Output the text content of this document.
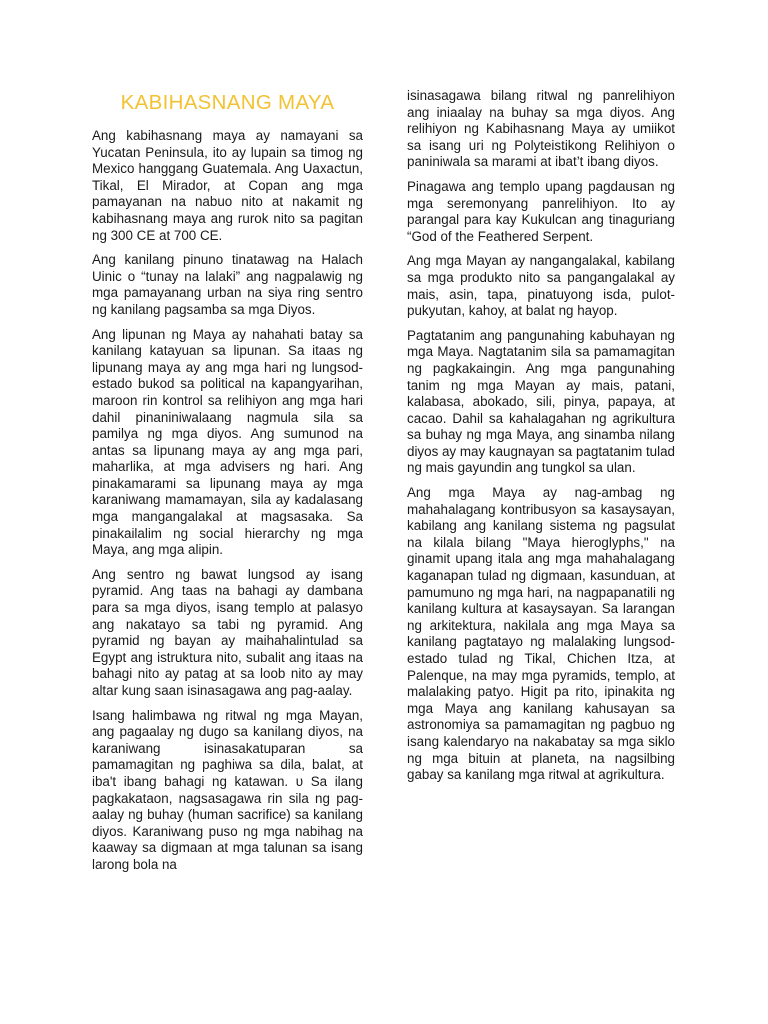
KABIHASNANG MAYA

Ang kabihasnang maya ay namayani sa Yucatan Peninsula, ito ay lupain sa timog ng Mexico hanggang Guatemala. Ang Uaxactun, Tikal, El Mirador, at Copan ang mga pamayanan na nabuo nito at nakamit ng kabihasnang maya ang rurok nito sa pagitan ng 300 CE at 700 CE.

Ang kanilang pinuno tinatawag na Halach Uinic o “tunay na lalaki” ang nagpalawig ng mga pamayanang urban na siya ring sentro ng kanilang pagsamba sa mga Diyos.

Ang lipunan ng Maya ay nahahati batay sa kanilang katayuan sa lipunan. Sa itaas ng lipunang maya ay ang mga hari ng lungsod-estado bukod sa political na kapangyarihan, maroon rin kontrol sa relihiyon ang mga hari dahil pinaniniwalaang nagmula sila sa pamilya ng mga diyos. Ang sumunod na antas sa lipunang maya ay ang mga pari, maharlika, at mga advisers ng hari. Ang pinakamarami sa lipunang maya ay mga karaniwang mamamayan, sila ay kadalasang mga mangangalakal at magsasaka. Sa pinakailalim ng social hierarchy ng mga Maya, ang mga alipin.

Ang sentro ng bawat lungsod ay isang pyramid. Ang taas na bahagi ay dambana para sa mga diyos, isang templo at palasyo ang nakatayo sa tabi ng pyramid. Ang pyramid ng bayan ay maihahalintulad sa Egypt ang istruktura nito, subalit ang itaas na bahagi nito ay patag at sa loob nito ay may altar kung saan isinasagawa ang pag-aalay.

Isang halimbawa ng ritwal ng mga Mayan, ang pagaalay ng dugo sa kanilang diyos, na karaniwang isinasakatuparan sa pamamagitan ng paghiwa sa dila, balat, at iba't ibang bahagi ng katawan. υ Sa ilang pagkakataon, nagsasagawa rin sila ng pag-aalay ng buhay (human sacrifice) sa kanilang diyos. Karaniwang puso ng mga nabihag na kaaway sa digmaan at mga talunan sa isang larong bola na

isinasagawa bilang ritwal ng panrelihiyon ang iniaalay na buhay sa mga diyos. Ang relihiyon ng Kabihasnang Maya ay umiikot sa isang uri ng Polyteistikong Relihiyon o paniniwala sa marami at ibat’t ibang diyos.

Pinagawa ang templo upang pagdausan ng mga seremonyang panrelihiyon. Ito ay parangal para kay Kukulcan ang tinaguriang “God of the Feathered Serpent.

Ang mga Mayan ay nangangalakal, kabilang sa mga produkto nito sa pangangalakal ay mais, asin, tapa, pinatuyong isda, pulot-pukyutan, kahoy, at balat ng hayop.

Pagtatanim ang pangunahing kabuhayan ng mga Maya. Nagtatanim sila sa pamamagitan ng pagkakaingin. Ang mga pangunahing tanim ng mga Mayan ay mais, patani, kalabasa, abokado, sili, pinya, papaya, at cacao. Dahil sa kahalagahan ng agrikultura sa buhay ng mga Maya, ang sinamba nilang diyos ay may kaugnayan sa pagtatanim tulad ng mais gayundin ang tungkol sa ulan.

Ang mga Maya ay nag-ambag ng mahahalagang kontribusyon sa kasaysayan, kabilang ang kanilang sistema ng pagsulat na kilala bilang "Maya hieroglyphs," na ginamit upang itala ang mga mahahalagang kaganapan tulad ng digmaan, kasunduan, at pamumuno ng mga hari, na nagpapanatili ng kanilang kultura at kasaysayan. Sa larangan ng arkitektura, nakilala ang mga Maya sa kanilang pagtatayo ng malalaking lungsod-estado tulad ng Tikal, Chichen Itza, at Palenque, na may mga pyramids, templo, at malalaking patyo. Higit pa rito, ipinakita ng mga Maya ang kanilang kahusayan sa astronomiya sa pamamagitan ng pagbuo ng isang kalendaryo na nakabatay sa mga siklo ng mga bituin at planeta, na nagsilbing gabay sa kanilang mga ritwal at agrikultura.
